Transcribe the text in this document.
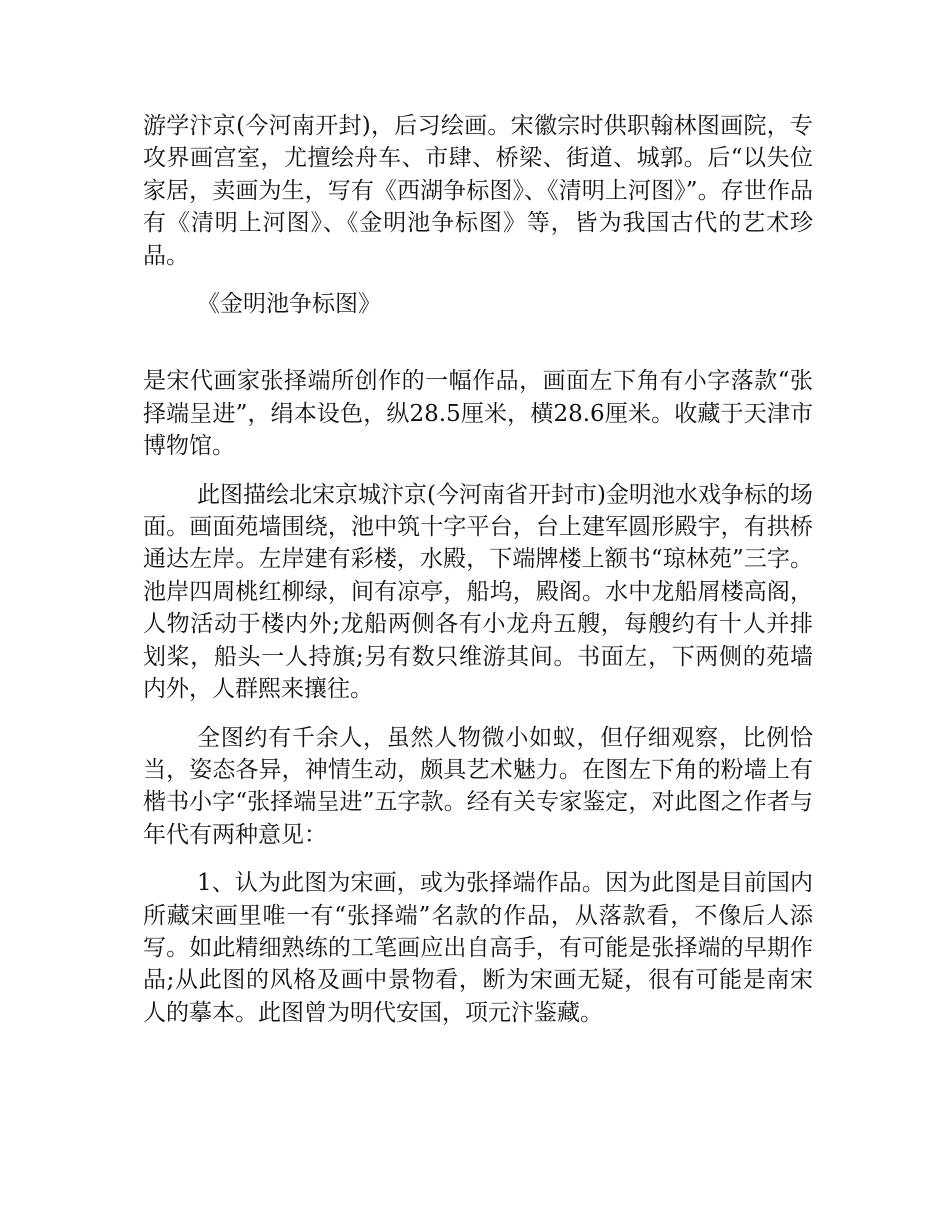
游学汴京(今河南开封)，后习绘画。宋徽宗时供职翰林图画院，专攻界画宫室，尤擅绘舟车、市肆、桥梁、街道、城郭。后“以失位家居，卖画为生，写有《西湖争标图》、《清明上河图》”。存世作品有《清明上河图》、《金明池争标图》等，皆为我国古代的艺术珍品。

《金明池争标图》

是宋代画家张择端所创作的一幅作品，画面左下角有小字落款“张择端呈进”，绢本设色，纵28.5厘米，横28.6厘米。收藏于天津市博物馆。

此图描绘北宋京城汴京(今河南省开封市)金明池水戏争标的场面。画面苑墙围绕，池中筑十字平台，台上建军圆形殿宇，有拱桥通达左岸。左岸建有彩楼，水殿，下端牌楼上额书“琼林苑”三字。池岸四周桃红柳绿，间有凉亭，船坞，殿阁。水中龙船屑楼高阁，人物活动于楼内外;龙船两侧各有小龙舟五艘，每艘约有十人并排划桨，船头一人持旗;另有数只维游其间。书面左，下两侧的苑墙内外，人群熙来攘往。

全图约有千余人，虽然人物微小如蚁，但仔细观察，比例恰当，姿态各异，神情生动，颇具艺术魅力。在图左下角的粉墙上有楷书小字“张择端呈进”五字款。经有关专家鉴定，对此图之作者与年代有两种意见：

1、认为此图为宋画，或为张择端作品。因为此图是目前国内所藏宋画里唯一有“张择端”名款的作品，从落款看，不像后人添写。如此精细熟练的工笔画应出自高手，有可能是张择端的早期作品;从此图的风格及画中景物看，断为宋画无疑，很有可能是南宋人的摹本。此图曾为明代安国，项元汴鉴藏。
